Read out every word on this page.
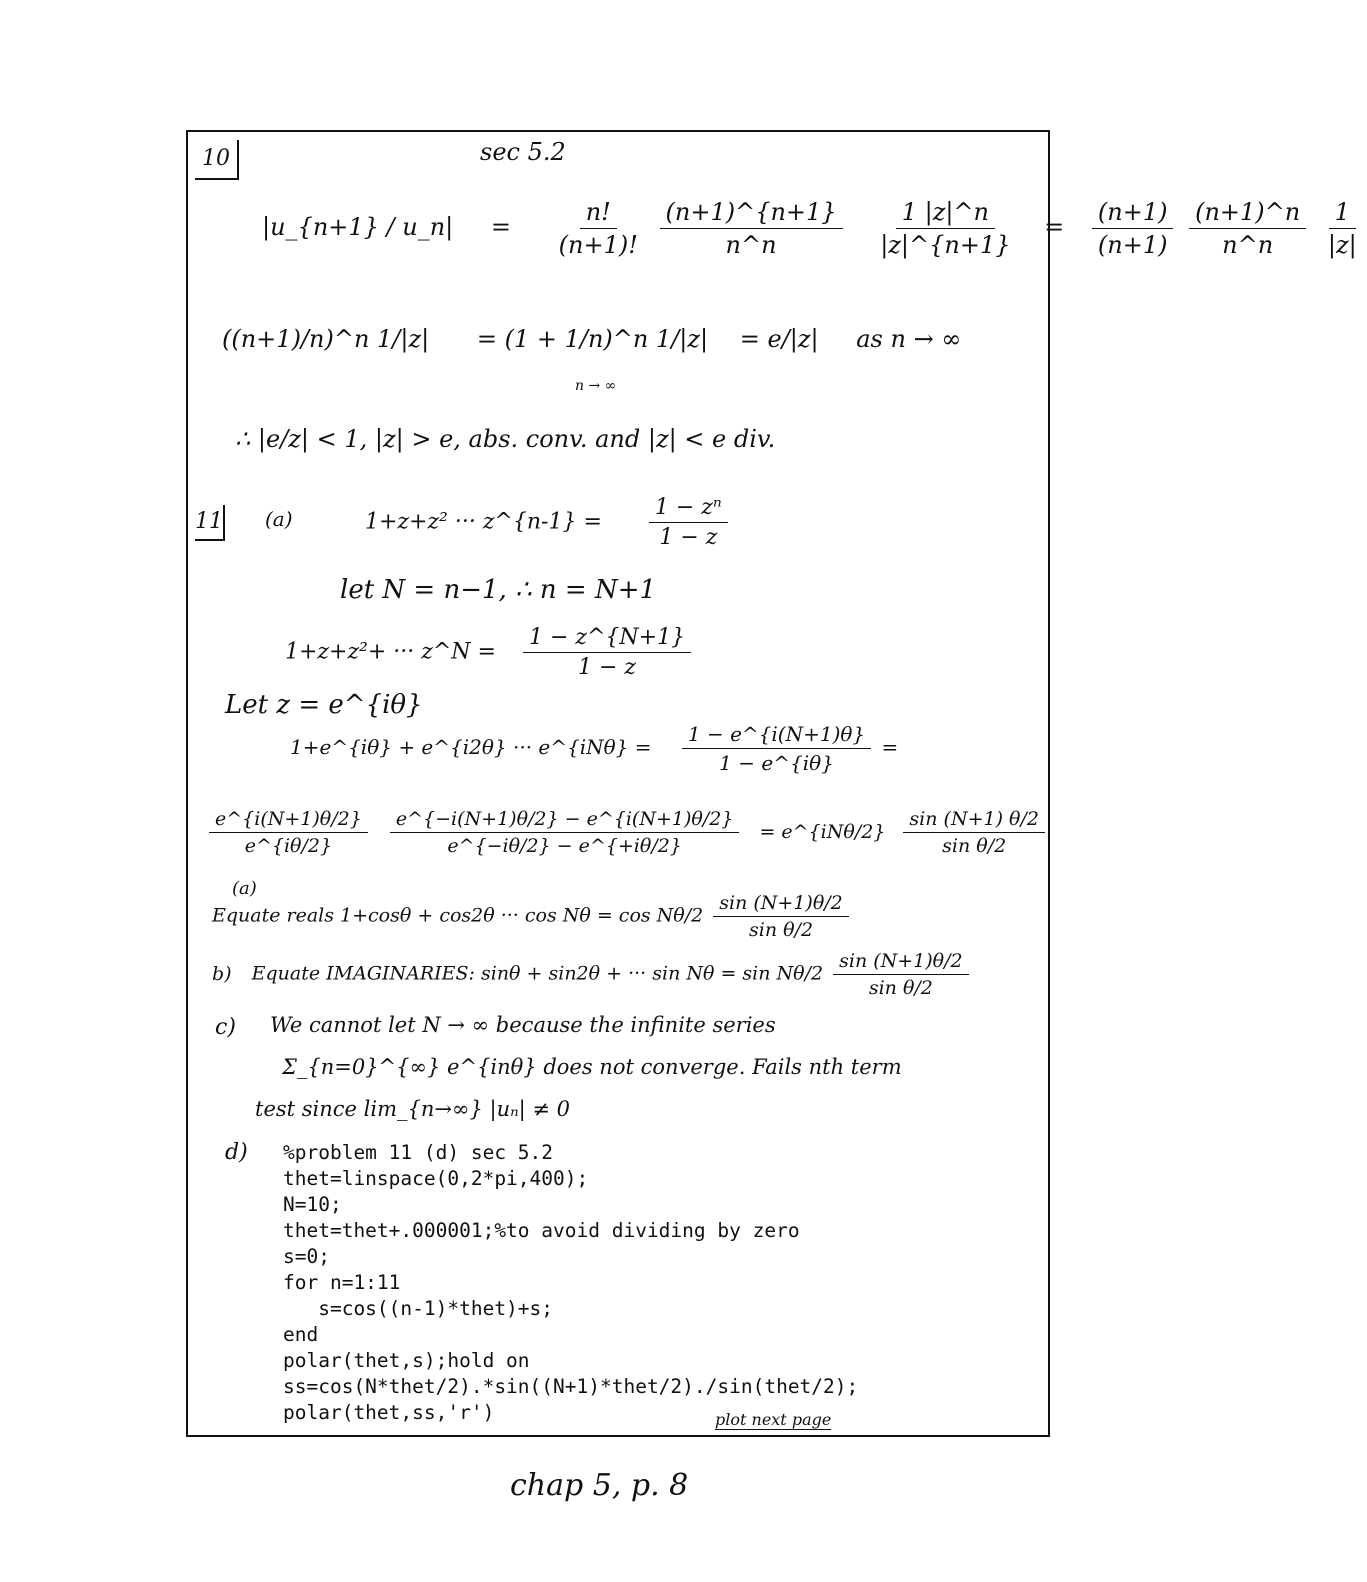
sec 5.2
10
|u_{n+1} / u_n| = $\frac{n!}{(n+1)!}$
$\frac{(n+1)\^{}\{n+1\}}{n\^{}n}$
$\frac{1 |z|\^{}n}{|z|\^{}\{n+1\}} = \frac{(n+1)}{(n+1)}$
$\frac{(n+1)\^{}n}{n\^{}n}$
$\frac{1}{|z|}$
((n+1)/n)^n 1/|z| = (1 + 1/n)^n 1/|z| = e/|z| as n → ∞
n → ∞
∴ |e/z| < 1, |z| > e, abs. conv. and |z| < e div.
11 (a)	1+z+z² ··· z^{n-1} = $\frac{\text{1 − zⁿ}}{1 - z}$
let N = n−1, ∴ n = N+1
1+z+z²+ ··· z^N = $\frac{1 - z\^{}\{N+1\}}{1 - z}$
Let z = e^{iθ}
1+e^{iθ} + e^{i2θ} ··· e^{iNθ} = $\frac{1 - e\^{}\{i(N+1)\theta\}}{1 - e\^{}\{i\theta\}}$ =
$\frac{e\^{}\{i(N+1)\theta/2\}}{e\^{}\{i\theta/2\}}$
$\frac{e\^{}\{-i(N+1)\theta/2\} - e\^{}\{i(N+1)\theta/2\}}{e\^{}\{-i\theta/2\} - e\^{}\{+i\theta/2\}}$ = e^{iNθ/2} $\frac{\sin (N+1) \theta/2}{\text{sin θ/2}}$
(a)
Equate reals 1+cosθ + cos2θ ··· $\cos N\theta = \cos N\theta/2 \frac{\sin (N+1)\theta/2}{\text{sin θ/2}}$
b) Equate IMAGINARIES: sinθ + sin2θ + ··· $\sin N\theta = \sin N\theta/2 \frac{\sin (N+1)\theta/2}{\text{sin θ/2}}$
c) We cannot let N → ∞ because the infinite series
Σ_{n=0}^{∞} e^{inθ} does not converge. Fails nth term
test since lim_{n→∞} |uₙ| ≠ 0
d) %problem 11 (d) sec 5.2
thet=linspace(0,2*pi,400);
N=10;
thet=thet+.000001;%to avoid dividing by zero
s=0;
for n=1:11
s=cos((n-1)*thet)+s;
end
polar(thet,s);hold on
ss=cos(N*thet/2).*sin((N+1)*thet/2)./sin(thet/2);
polar(thet,ss,'r')	plot next page
chap 5, p. 8
